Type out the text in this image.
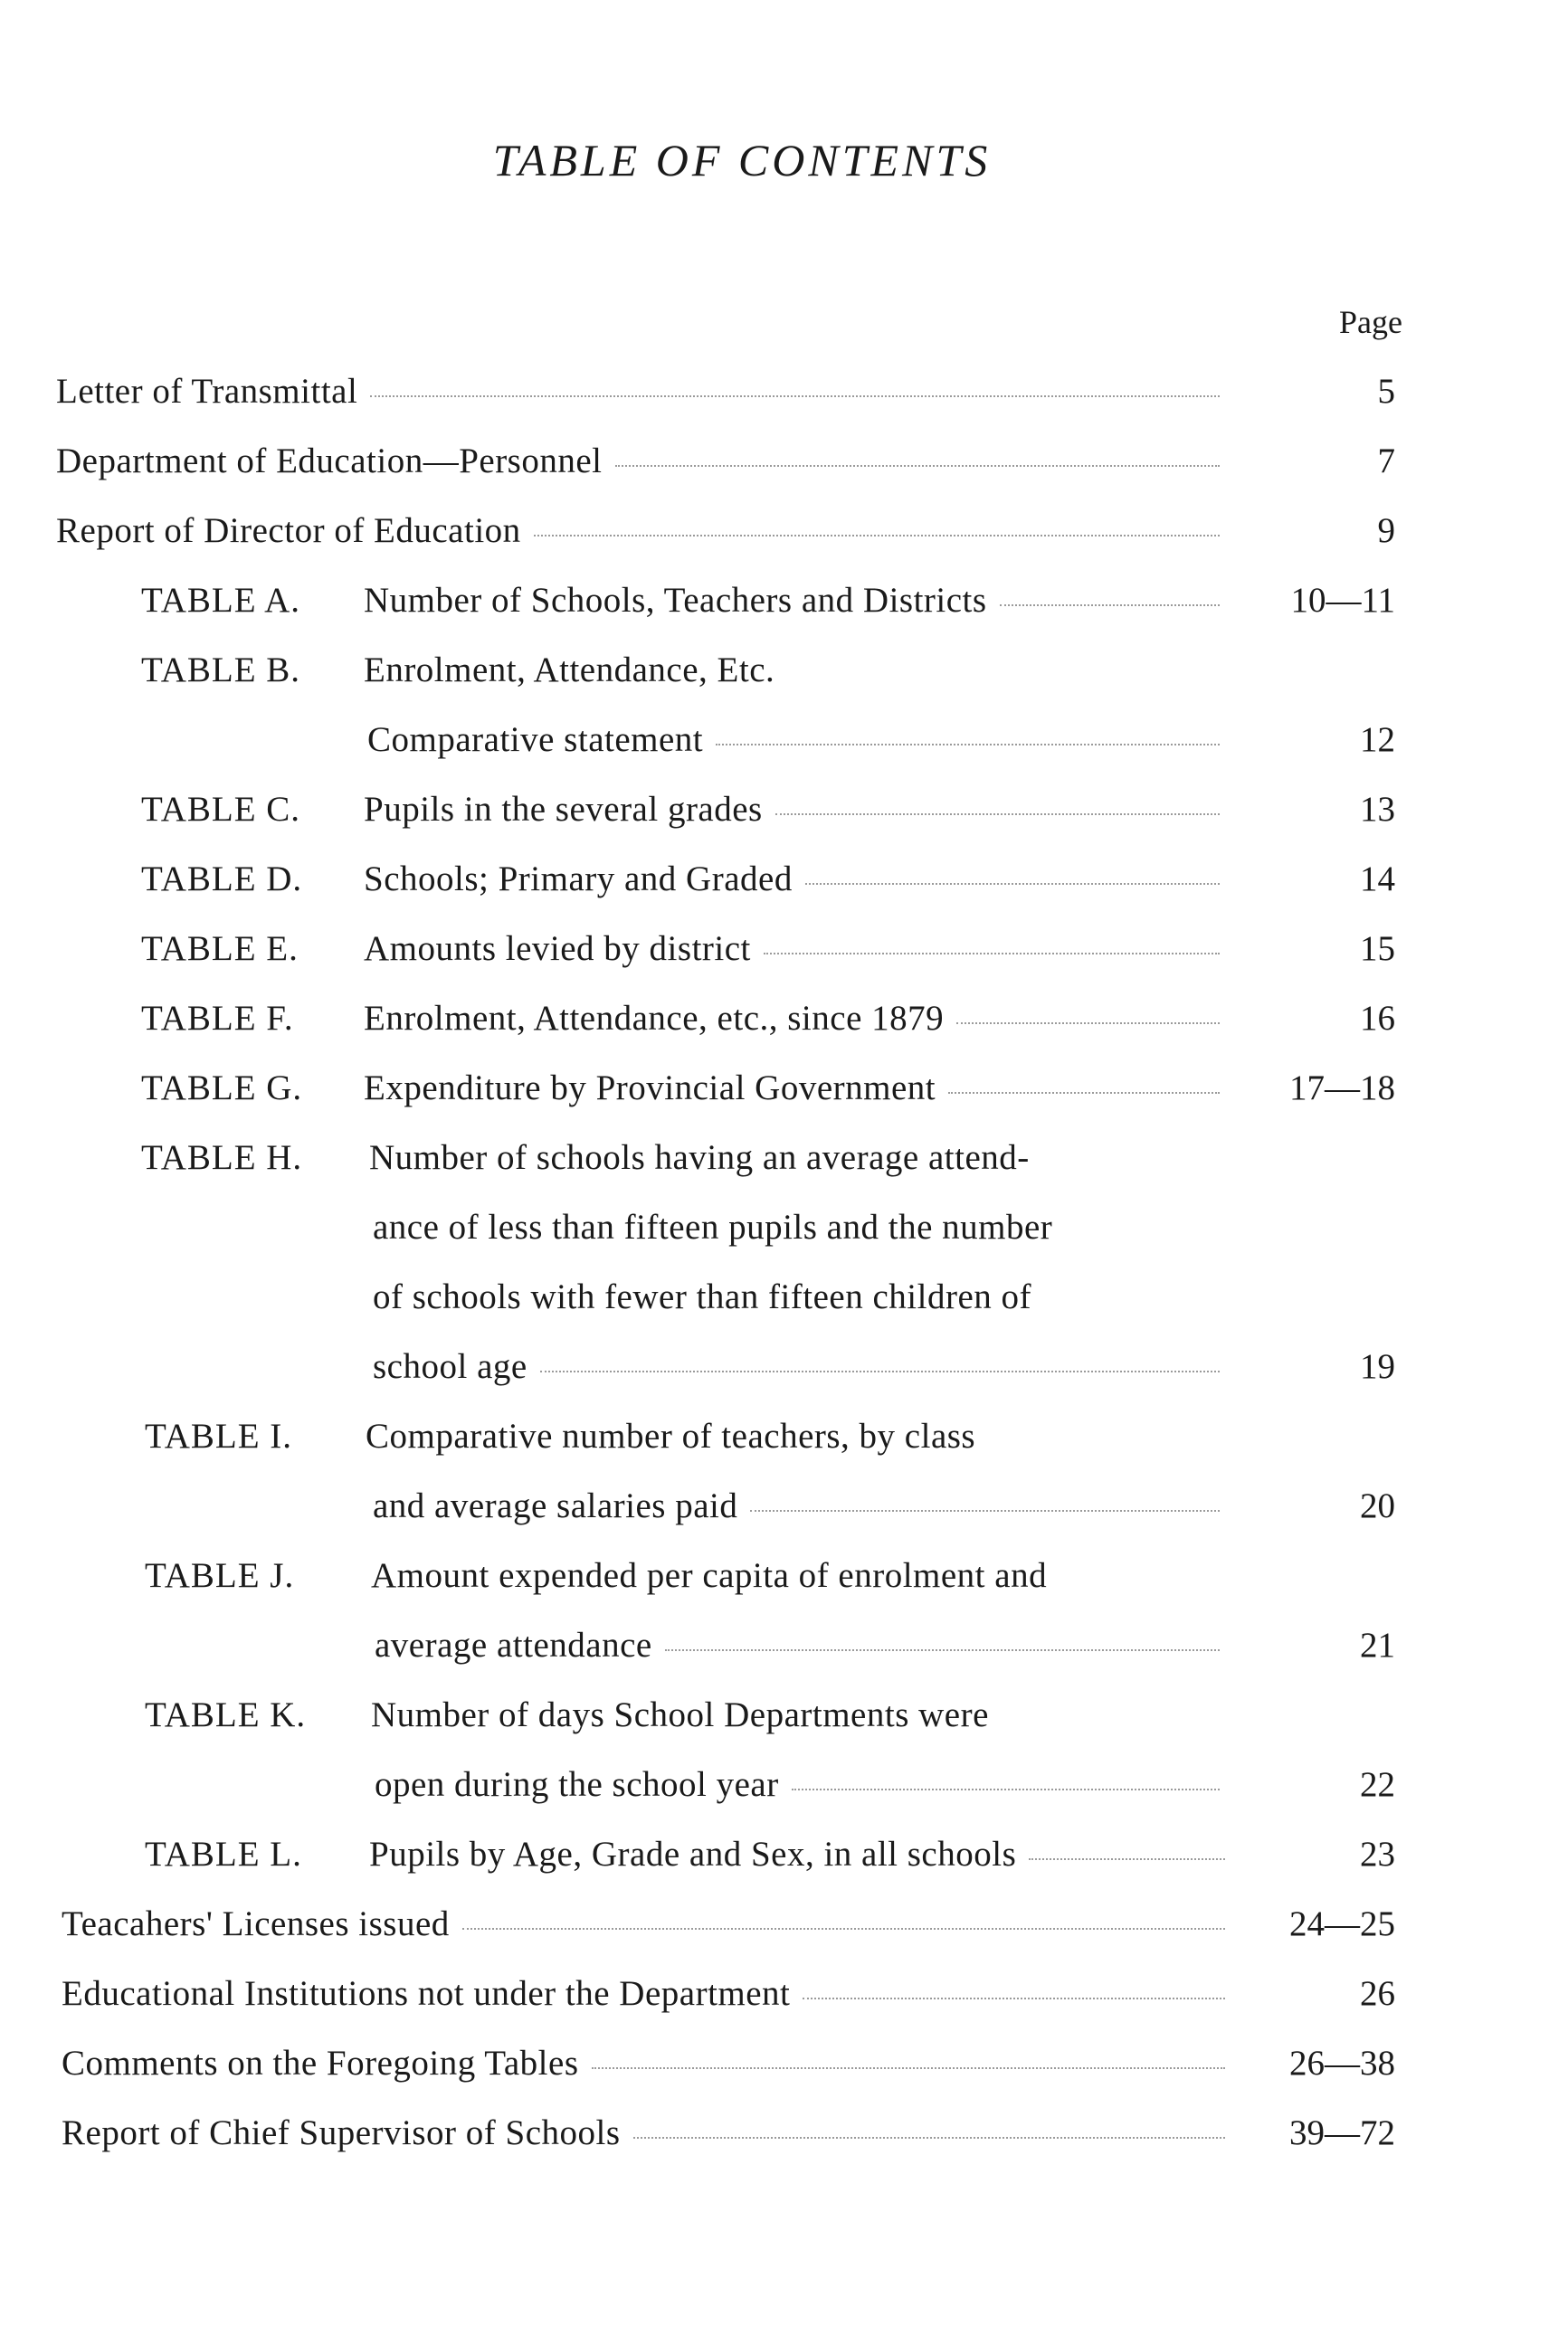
TABLE OF CONTENTS
Page
Letter of Transmittal	5
Department of Education—Personnel	7
Report of Director of Education	9
TABLE A. Number of Schools, Teachers and Districts	10—11
TABLE B. Enrolment, Attendance, Etc.
Comparative statement	12
TABLE C. Pupils in the several grades	13
TABLE D. Schools; Primary and Graded	14
TABLE E. Amounts levied by district	15
TABLE F. Enrolment, Attendance, etc., since 1879	16
TABLE G. Expenditure by Provincial Government	17—18
TABLE H. Number of schools having an average attend-
ance of less than fifteen pupils and the number
of schools with fewer than fifteen children of
school age	19
TABLE I. Comparative number of teachers, by class
and average salaries paid	20
TABLE J. Amount expended per capita of enrolment and
average attendance	21
TABLE K. Number of days School Departments were
open during the school year	22
TABLE L. Pupils by Age, Grade and Sex, in all schools	23
Teacahers' Licenses issued	24—25
Educational Institutions not under the Department	26
Comments on the Foregoing Tables	26—38
Report of Chief Supervisor of Schools	39—72
